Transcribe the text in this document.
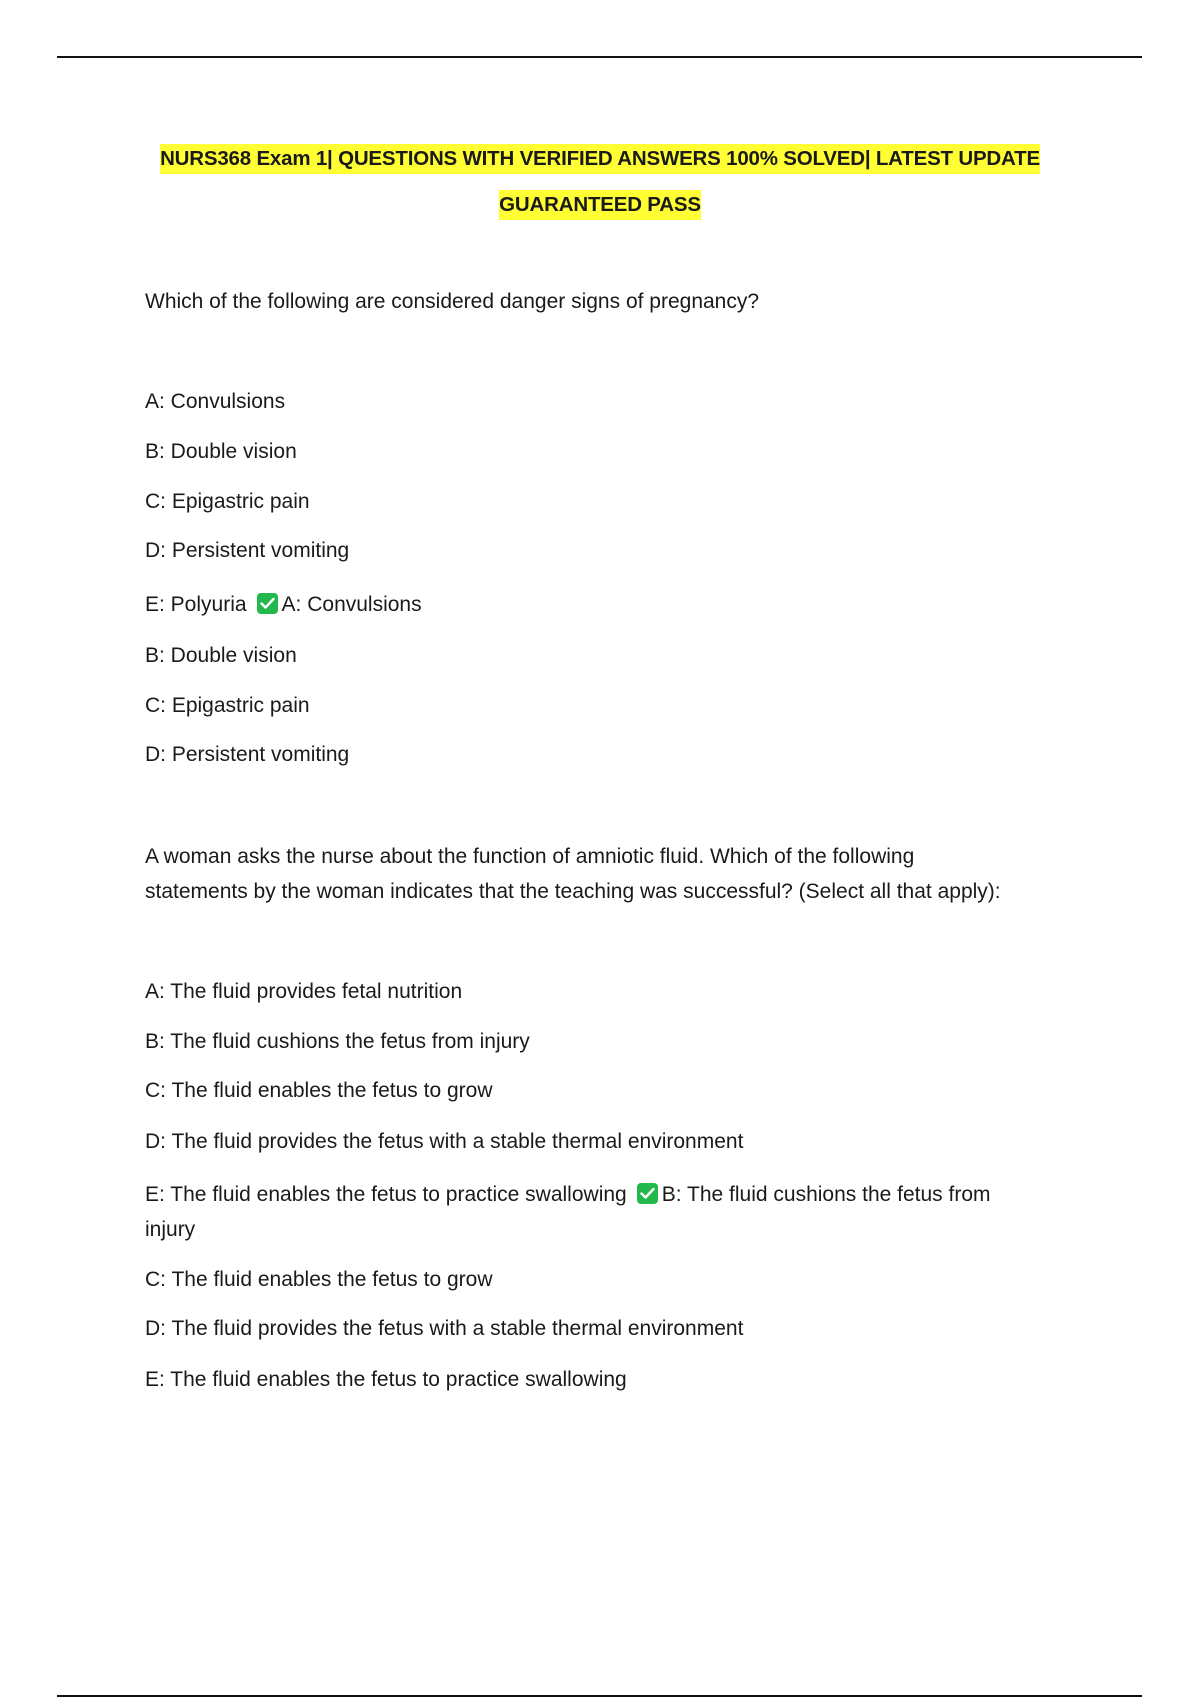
NURS368 Exam 1| QUESTIONS WITH VERIFIED ANSWERS 100% SOLVED| LATEST UPDATE
GUARANTEED PASS
Which of the following are considered danger signs of pregnancy?
A: Convulsions
B: Double vision
C: Epigastric pain
D: Persistent vomiting
E: Polyuria A: Convulsions
B: Double vision
C: Epigastric pain
D: Persistent vomiting
A woman asks the nurse about the function of amniotic fluid. Which of the following
statements by the woman indicates that the teaching was successful? (Select all that apply):
A: The fluid provides fetal nutrition
B: The fluid cushions the fetus from injury
C: The fluid enables the fetus to grow
D: The fluid provides the fetus with a stable thermal environment
E: The fluid enables the fetus to practice swallowing B: The fluid cushions the fetus from
injury
C: The fluid enables the fetus to grow
D: The fluid provides the fetus with a stable thermal environment
E: The fluid enables the fetus to practice swallowing
